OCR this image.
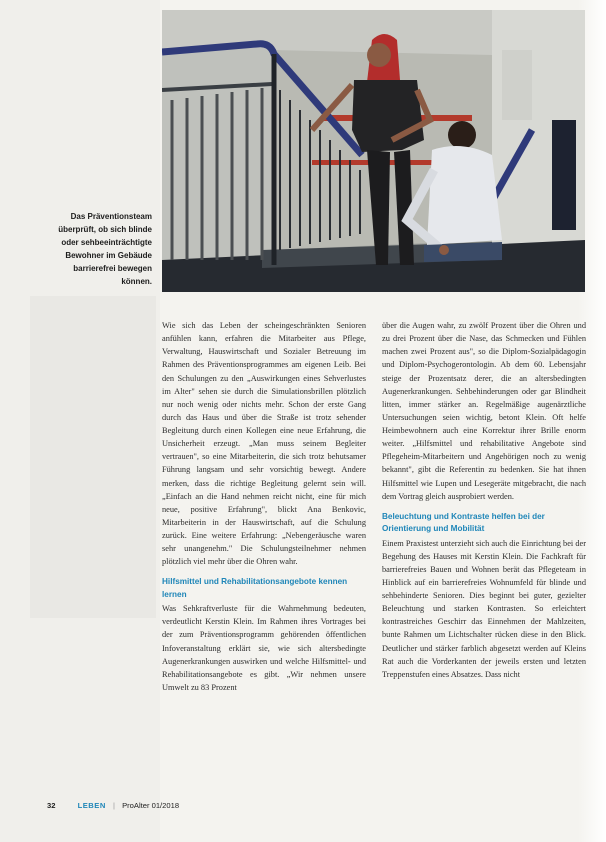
Das Präventionsteam
überprüft, ob sich blinde
oder sehbeeinträchtigte
Bewohner im Gebäude
barrierefrei bewegen
können.

Wie sich das Leben der scheingeschränkten Senioren anfühlen kann, erfahren die Mitarbeiter aus Pflege, Verwaltung, Hauswirtschaft und Sozialer Betreuung im Rahmen des Präventionsprogrammes am eigenen Leib. Bei den Schulungen zu den „Auswirkungen eines Sehverlustes im Alter" sehen sie durch die Simulationsbrillen plötzlich nur noch wenig oder nichts mehr. Schon der erste Gang durch das Haus und über die Straße ist trotz sehender Begleitung durch einen Kollegen eine neue Erfahrung, die Unsicherheit erzeugt. „Man muss seinem Begleiter vertrauen", so eine Mitarbeiterin, die sich trotz behutsamer Führung langsam und sehr vorsichtig bewegt. Andere merken, dass die richtige Begleitung gelernt sein will. „Einfach an die Hand nehmen reicht nicht, eine für mich neue, positive Erfahrung", blickt Ana Benkovic, Mitarbeiterin in der Hauswirtschaft, auf die Schulung zurück. Eine weitere Erfahrung: „Nebengeräusche waren sehr unangenehm." Die Schulungsteilnehmer nehmen plötzlich viel mehr über die Ohren wahr.

Hilfsmittel und Rehabilitationsangebote kennen lernen

Was Sehkraftverluste für die Wahrnehmung bedeuten, verdeutlicht Kerstin Klein. Im Rahmen ihres Vortrages bei der zum Präventionsprogramm gehörenden öffentlichen Infoveranstaltung erklärt sie, wie sich altersbedingte Augenerkrankungen auswirken und welche Hilfsmittel- und Rehabilitationsangebote es gibt. „Wir nehmen unsere Umwelt zu 83 Prozent

über die Augen wahr, zu zwölf Prozent über die Ohren und zu drei Prozent über die Nase, das Schmecken und Fühlen machen zwei Prozent aus", so die Diplom-Sozialpädagogin und Diplom-Psychogerontologin. Ab dem 60. Lebensjahr steige der Prozentsatz derer, die an altersbedingten Augenerkrankungen. Sehbehinderungen oder gar Blindheit litten, immer stärker an. Regelmäßige augenärztliche Untersuchungen seien wichtig, betont Klein. Oft helfe Heimbewohnern auch eine Korrektur ihrer Brille enorm weiter. „Hilfsmittel und rehabilitative Angebote sind Pflegeheim-Mitarbeitern und Angehörigen noch zu wenig bekannt", gibt die Referentin zu bedenken. Sie hat ihnen Hilfsmittel wie Lupen und Lesegeräte mitgebracht, die nach dem Vortrag gleich ausprobiert werden.

Beleuchtung und Kontraste helfen bei der Orientierung und Mobilität

Einem Praxistest unterzieht sich auch die Einrichtung bei der Begehung des Hauses mit Kerstin Klein. Die Fachkraft für barrierefreies Bauen und Wohnen berät das Pflegeteam in Hinblick auf ein barrierefreies Wohnumfeld für blinde und sehbehinderte Senioren. Dies beginnt bei guter, gezielter Beleuchtung und starken Kontrasten. So erleichtert kontrastreiches Geschirr das Einnehmen der Mahlzeiten, bunte Rahmen um Lichtschalter rücken diese in den Blick. Deutlicher und stärker farblich abgesetzt werden auf Kleins Rat auch die Vorderkanten der jeweils ersten und letzten Treppenstufen eines Absatzes. Dass nicht

32	LEBEN | ProAlter 01/2018
